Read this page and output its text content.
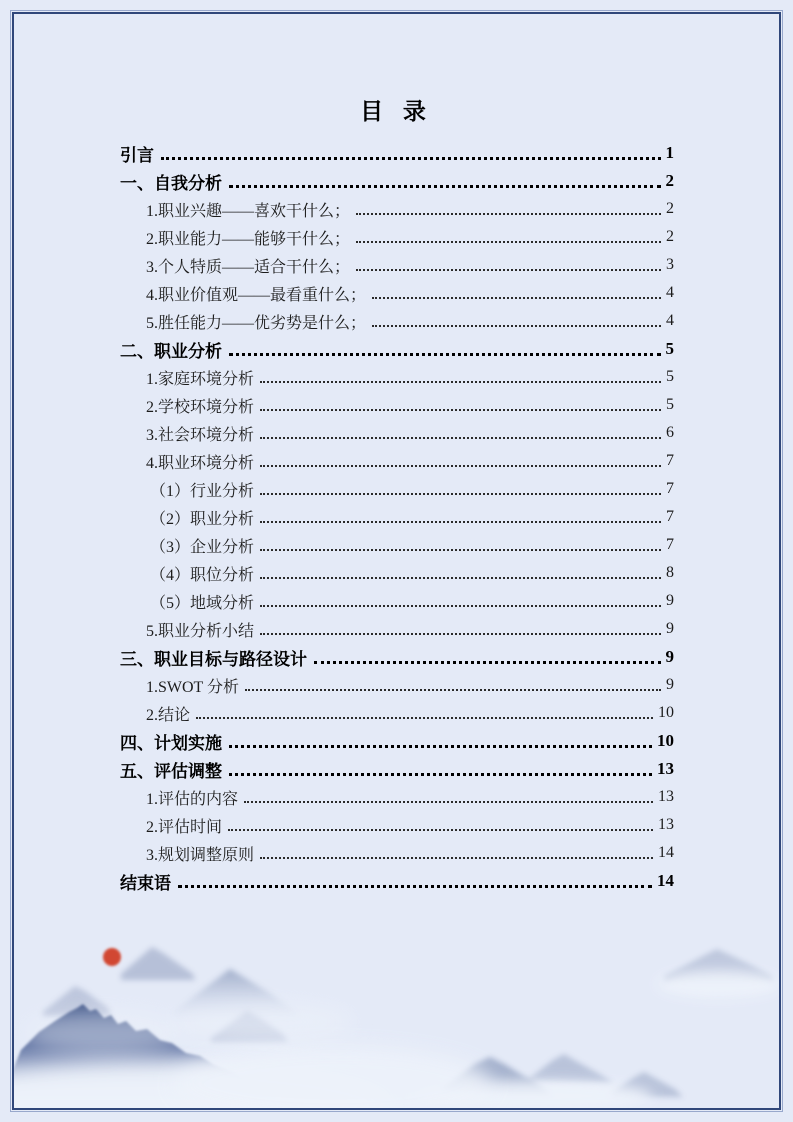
目 录
引言	1
一、自我分析	2
1.职业兴趣——喜欢干什么；	2
2.职业能力——能够干什么；	2
3.个人特质——适合干什么；	3
4.职业价值观——最看重什么；	4
5.胜任能力——优劣势是什么；	4
二、职业分析	5
1.家庭环境分析	5
2.学校环境分析	5
3.社会环境分析	6
4.职业环境分析	7
（1）行业分析	7
（2）职业分析	7
（3）企业分析	7
（4）职位分析	8
（5）地域分析	9
5.职业分析小结	9
三、职业目标与路径设计	9
1.SWOT 分析	9
2.结论	10
四、计划实施	10
五、评估调整	13
1.评估的内容	13
2.评估时间	13
3.规划调整原则	14
结束语	14
